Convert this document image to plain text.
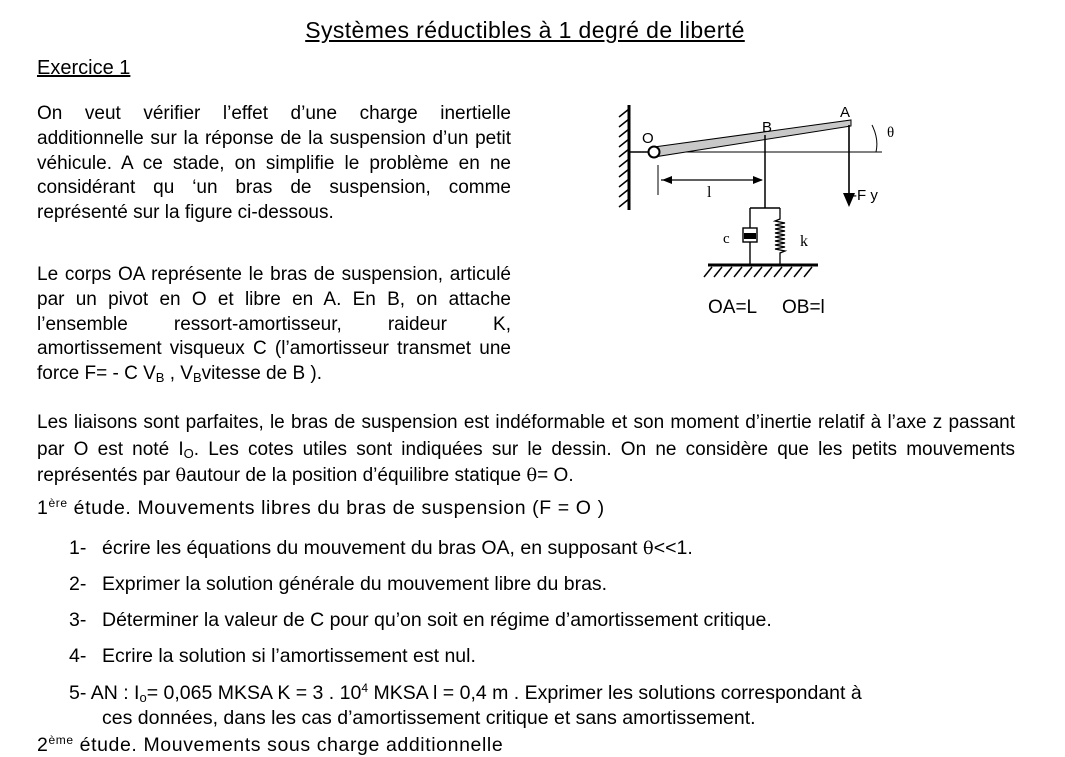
Systèmes réductibles à 1 degré de liberté
Exercice 1
On veut vérifier l’effet d’une charge inertielle additionnelle sur la réponse de la suspension d’un petit véhicule. A ce stade, on simplifie le problème en ne considérant qu ‘un bras de suspension, comme représenté sur la figure ci-dessous.
Le corps OA représente le bras de suspension, articulé par un pivot en O et libre en A. En B, on attache l’ensemble ressort-amortisseur, raideur K, amortissement visqueux C (l’amortisseur transmet une force F= - C $V_B$ , $V_Bvitesse$ de B ).
Les liaisons sont parfaites, le bras de suspension est indéformable et son moment d’inertie relatif à l’axe z passant par O est noté $I_O$. Les cotes utiles sont indiquées sur le dessin. On ne considère que les petits mouvements représentés par θautour de la position d’équilibre statique θ= O.
1ère étude. Mouvements libres du bras de suspension (F = O )
1- écrire les équations du mouvement du bras OA, en supposant θ<<1.
2- Exprimer la solution générale du mouvement libre du bras.
3- Déterminer la valeur de C pour qu’on soit en régime d’amortissement critique.
4- Ecrire la solution si l’amortissement est nul.
5- AN : $I_o= 0,065$ MKSA K = 3 . $10^4$ MKSA l = 0,4 m . Exprimer les solutions correspondant à
ces données, dans les cas d’amortissement critique et sans amortissement.
2ème étude. Mouvements sous charge additionnelle
O
A
B	θ
l	-F y
c	k
OA=L OB=l
